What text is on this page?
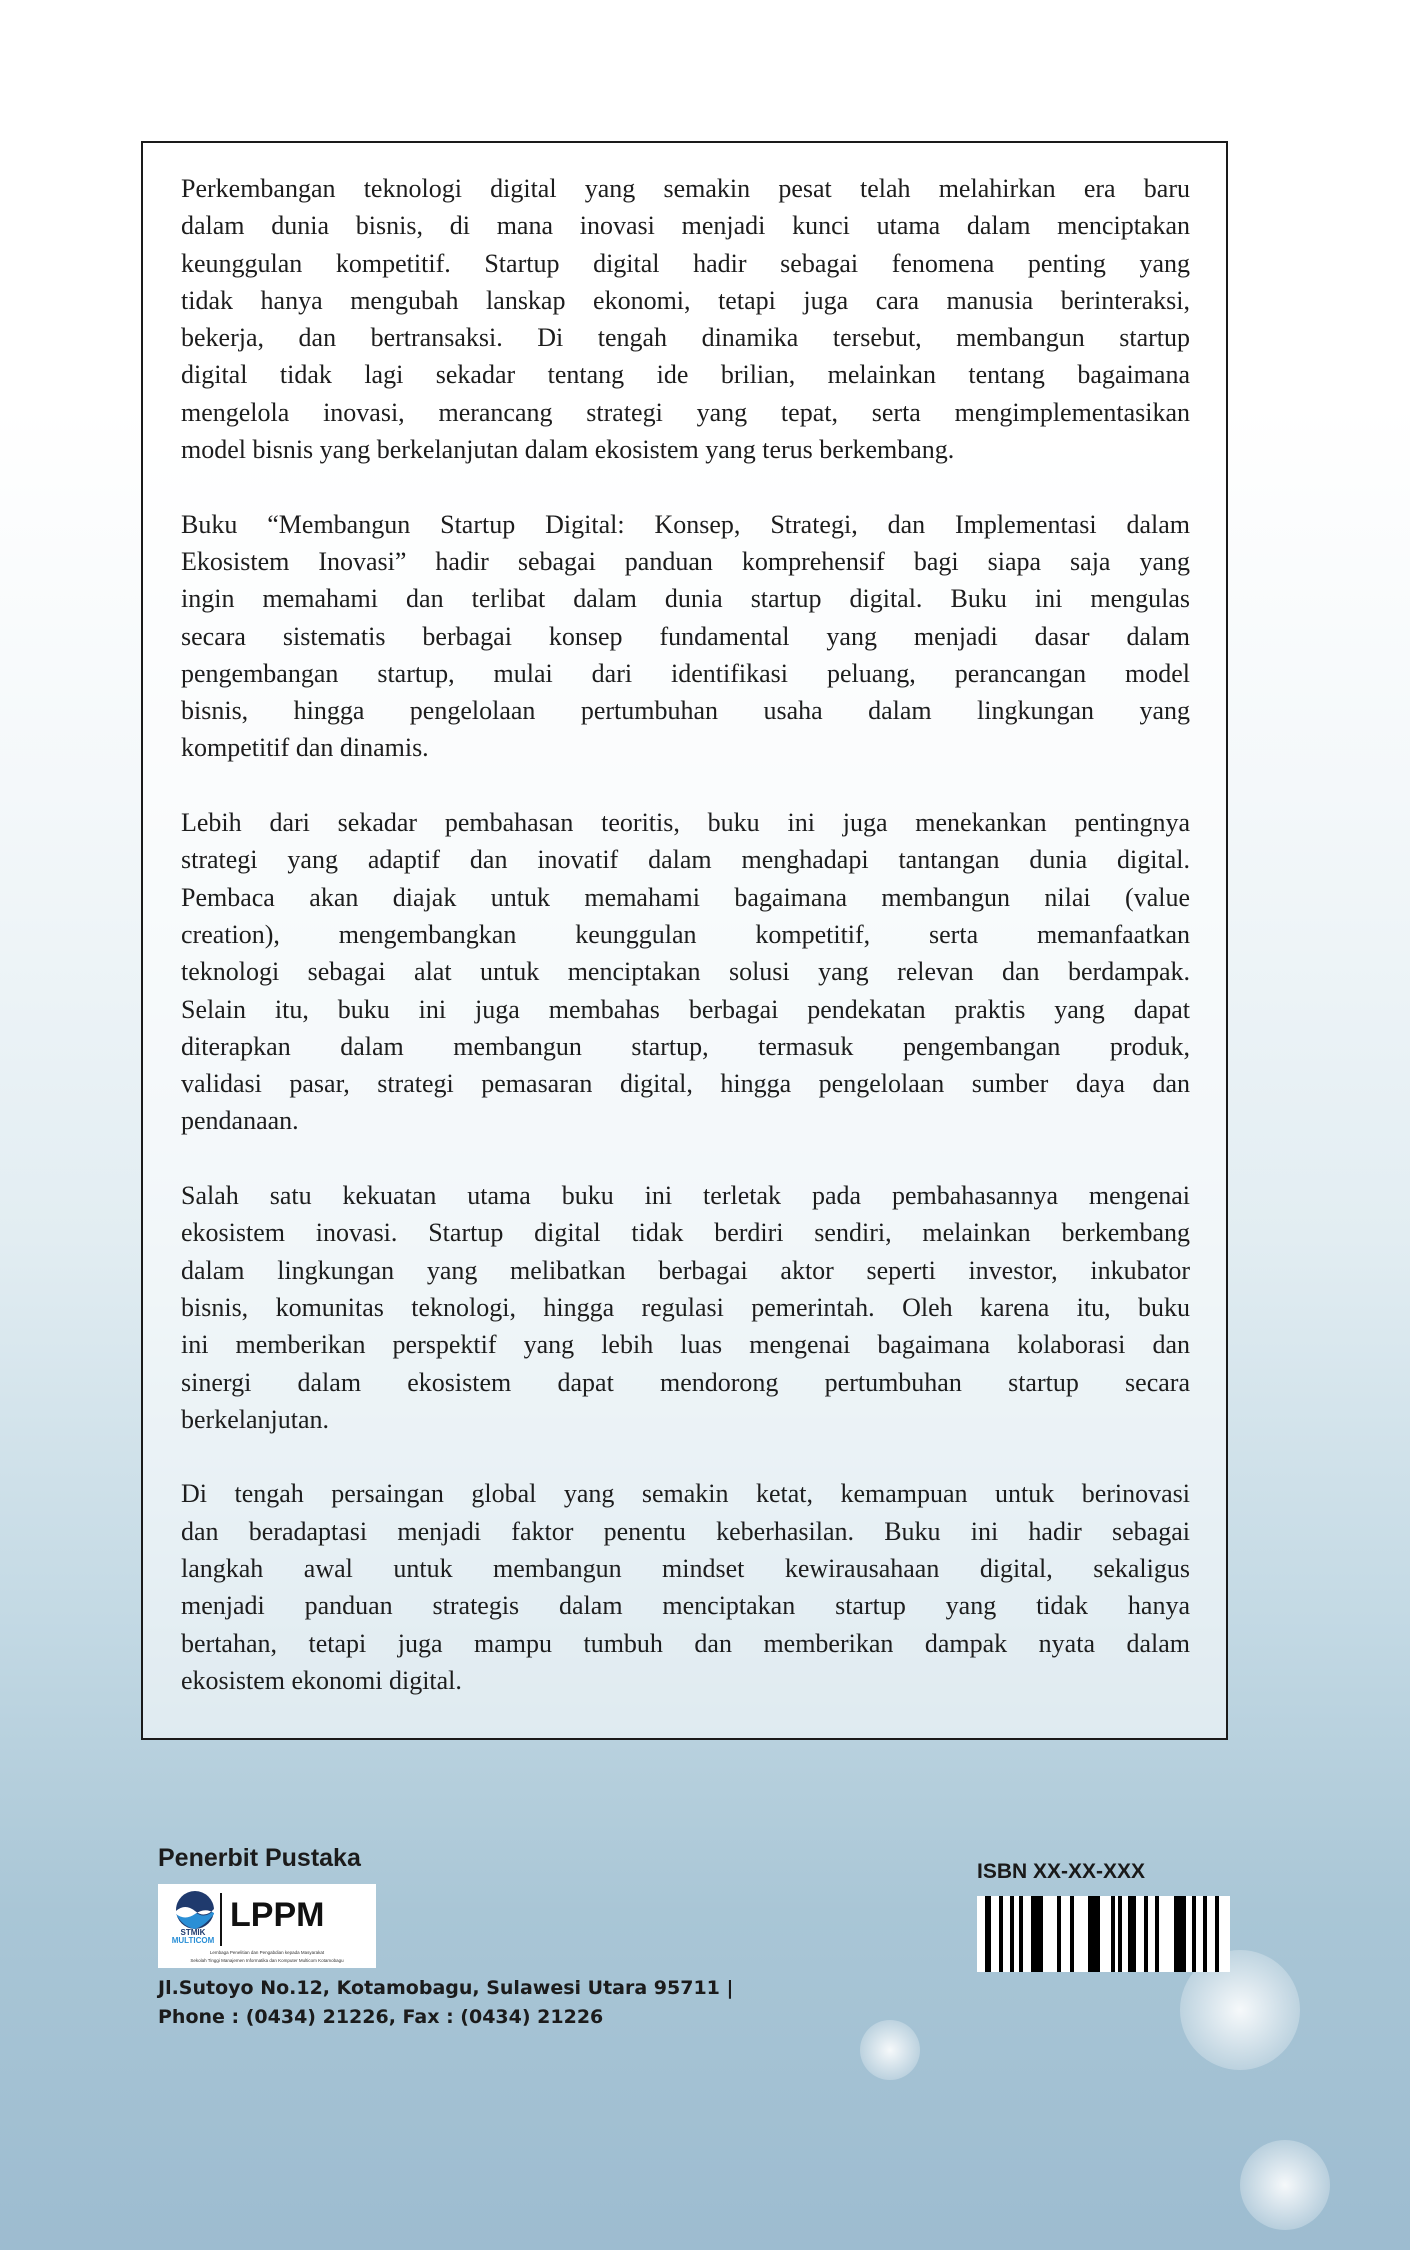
Perkembangan teknologi digital yang semakin pesat telah melahirkan era baru
dalam dunia bisnis, di mana inovasi menjadi kunci utama dalam menciptakan
keunggulan kompetitif. Startup digital hadir sebagai fenomena penting yang
tidak hanya mengubah lanskap ekonomi, tetapi juga cara manusia berinteraksi,
bekerja, dan bertransaksi. Di tengah dinamika tersebut, membangun startup
digital tidak lagi sekadar tentang ide brilian, melainkan tentang bagaimana
mengelola inovasi, merancang strategi yang tepat, serta mengimplementasikan
model bisnis yang berkelanjutan dalam ekosistem yang terus berkembang.
Buku “Membangun Startup Digital: Konsep, Strategi, dan Implementasi dalam
Ekosistem Inovasi” hadir sebagai panduan komprehensif bagi siapa saja yang
ingin memahami dan terlibat dalam dunia startup digital. Buku ini mengulas
secara sistematis berbagai konsep fundamental yang menjadi dasar dalam
pengembangan startup, mulai dari identifikasi peluang, perancangan model
bisnis, hingga pengelolaan pertumbuhan usaha dalam lingkungan yang
kompetitif dan dinamis.
Lebih dari sekadar pembahasan teoritis, buku ini juga menekankan pentingnya
strategi yang adaptif dan inovatif dalam menghadapi tantangan dunia digital.
Pembaca akan diajak untuk memahami bagaimana membangun nilai (value
creation), mengembangkan keunggulan kompetitif, serta memanfaatkan
teknologi sebagai alat untuk menciptakan solusi yang relevan dan berdampak.
Selain itu, buku ini juga membahas berbagai pendekatan praktis yang dapat
diterapkan dalam membangun startup, termasuk pengembangan produk,
validasi pasar, strategi pemasaran digital, hingga pengelolaan sumber daya dan
pendanaan.
Salah satu kekuatan utama buku ini terletak pada pembahasannya mengenai
ekosistem inovasi. Startup digital tidak berdiri sendiri, melainkan berkembang
dalam lingkungan yang melibatkan berbagai aktor seperti investor, inkubator
bisnis, komunitas teknologi, hingga regulasi pemerintah. Oleh karena itu, buku
ini memberikan perspektif yang lebih luas mengenai bagaimana kolaborasi dan
sinergi dalam ekosistem dapat mendorong pertumbuhan startup secara
berkelanjutan.
Di tengah persaingan global yang semakin ketat, kemampuan untuk berinovasi
dan beradaptasi menjadi faktor penentu keberhasilan. Buku ini hadir sebagai
langkah awal untuk membangun mindset kewirausahaan digital, sekaligus
menjadi panduan strategis dalam menciptakan startup yang tidak hanya
bertahan, tetapi juga mampu tumbuh dan memberikan dampak nyata dalam
ekosistem ekonomi digital.
Penerbit Pustaka
STMIK
MULTICOM
LPPM
Lembaga Penelitian dan Pengabdian kepada Masyarakat
Sekolah Tinggi Manajemen Informatika dan Komputer Multicom Kotamobagu
Jl.Sutoyo No.12, Kotamobagu, Sulawesi Utara 95711 |
Phone : (0434) 21226, Fax : (0434) 21226
ISBN XX-XX-XXX
